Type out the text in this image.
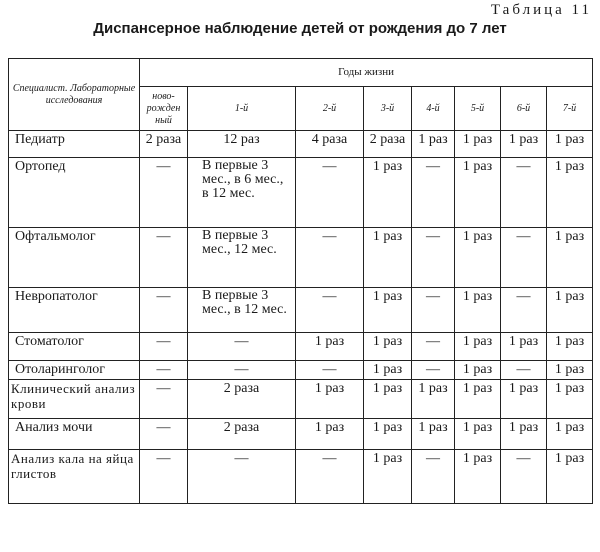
Таблица 11
Диспансерное наблюдение детей от рождения до 7 лет
Специалист. Лабораторные исследования	Годы жизни							
	ново-рожден ный	1-й	2-й	3-й	4-й	5-й	6-й	7-й
Педиатр	2 раза	12 раз	4 раза	2 раза	1 раз	1 раз	1 раз	1 раз
Ортопед	—	В первые 3 мес., в 6 мес., в 12 мес.	—	1 раз	—	1 раз	—	1 раз
Офтальмолог	—	В первые 3 мес., 12 мес.	—	1 раз	—	1 раз	—	1 раз
Невропатолог	—	В первые 3 мес., в 12 мес.	—	1 раз	—	1 раз	—	1 раз
Стоматолог	—	—	1 раз	1 раз	—	1 раз	1 раз	1 раз
Отоларинголог	—	—	—	1 раз	—	1 раз	—	1 раз
Клинический анализ крови	—	2 раза	1 раз	1 раз	1 раз	1 раз	1 раз	1 раз
Анализ мочи	—	2 раза	1 раз	1 раз	1 раз	1 раз	1 раз	1 раз
Анализ кала на яйца глистов	—	—	—	1 раз	—	1 раз	—	1 раз
